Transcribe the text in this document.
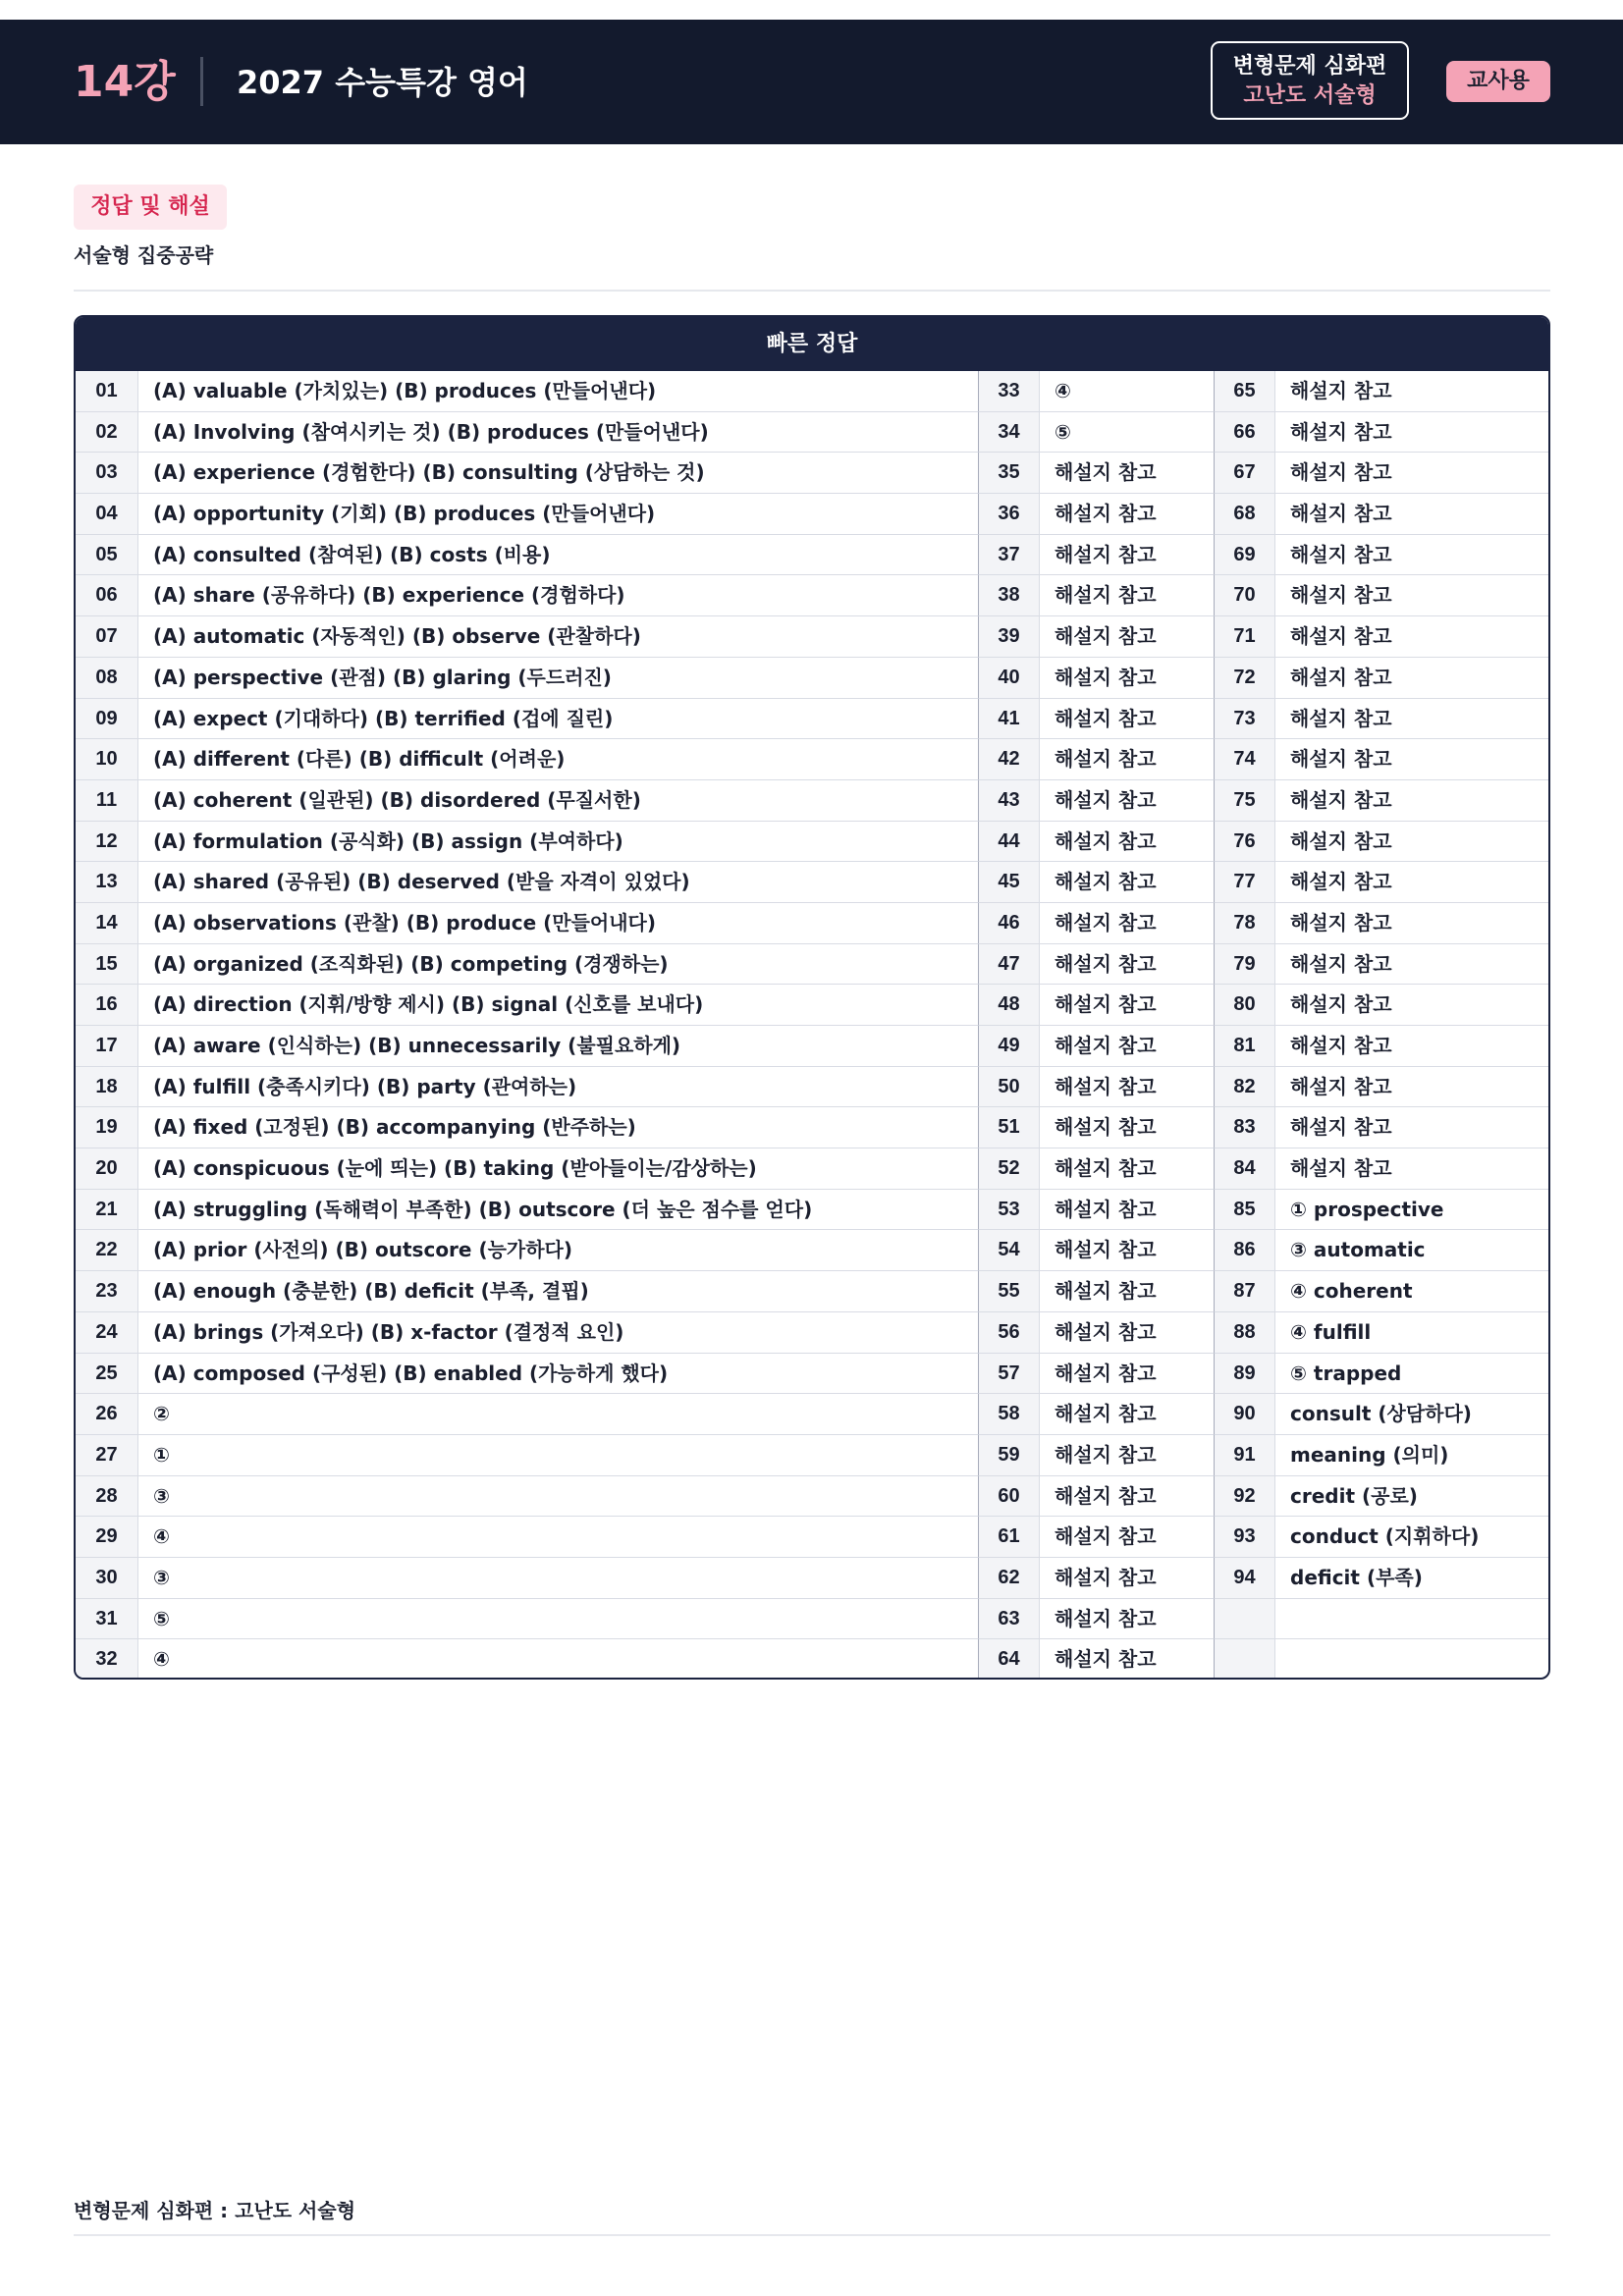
14강 2027 수능특강 영어	변형문제 심화편
고난도 서술형
교사용
정답 및 해설
서술형 집중공략
빠른 정답
01	(A) valuable (가치있는) (B) produces (만들어낸다)	33	④	65	해설지 참고
02	(A) Involving (참여시키는 것) (B) produces (만들어낸다)	34	⑤	66	해설지 참고
03	(A) experience (경험한다) (B) consulting (상담하는 것)	35	해설지 참고	67	해설지 참고
04	(A) opportunity (기회) (B) produces (만들어낸다)	36	해설지 참고	68	해설지 참고
05	(A) consulted (참여된) (B) costs (비용)	37	해설지 참고	69	해설지 참고
06	(A) share (공유하다) (B) experience (경험하다)	38	해설지 참고	70	해설지 참고
07	(A) automatic (자동적인) (B) observe (관찰하다)	39	해설지 참고	71	해설지 참고
08	(A) perspective (관점) (B) glaring (두드러진)	40	해설지 참고	72	해설지 참고
09	(A) expect (기대하다) (B) terrified (겁에 질린)	41	해설지 참고	73	해설지 참고
10	(A) different (다른) (B) difficult (어려운)	42	해설지 참고	74	해설지 참고
11	(A) coherent (일관된) (B) disordered (무질서한)	43	해설지 참고	75	해설지 참고
12	(A) formulation (공식화) (B) assign (부여하다)	44	해설지 참고	76	해설지 참고
13	(A) shared (공유된) (B) deserved (받을 자격이 있었다)	45	해설지 참고	77	해설지 참고
14	(A) observations (관찰) (B) produce (만들어내다)	46	해설지 참고	78	해설지 참고
15	(A) organized (조직화된) (B) competing (경쟁하는)	47	해설지 참고	79	해설지 참고
16	(A) direction (지휘/방향 제시) (B) signal (신호를 보내다)	48	해설지 참고	80	해설지 참고
17	(A) aware (인식하는) (B) unnecessarily (불필요하게)	49	해설지 참고	81	해설지 참고
18	(A) fulfill (충족시키다) (B) party (관여하는)	50	해설지 참고	82	해설지 참고
19	(A) fixed (고정된) (B) accompanying (반주하는)	51	해설지 참고	83	해설지 참고
20	(A) conspicuous (눈에 띄는) (B) taking (받아들이는/감상하는)	52	해설지 참고	84	해설지 참고
21	(A) struggling (독해력이 부족한) (B) outscore (더 높은 점수를 얻다)	53	해설지 참고	85	① prospective
22	(A) prior (사전의) (B) outscore (능가하다)	54	해설지 참고	86	③ automatic
23	(A) enough (충분한) (B) deficit (부족, 결핍)	55	해설지 참고	87	④ coherent
24	(A) brings (가져오다) (B) x-factor (결정적 요인)	56	해설지 참고	88	④ fulfill
25	(A) composed (구성된) (B) enabled (가능하게 했다)	57	해설지 참고	89	⑤ trapped
26	②	58	해설지 참고	90	consult (상담하다)
27	①	59	해설지 참고	91	meaning (의미)
28	③	60	해설지 참고	92	credit (공로)
29	④	61	해설지 참고	93	conduct (지휘하다)
30	③	62	해설지 참고	94	deficit (부족)
31	⑤	63	해설지 참고
32	④	64	해설지 참고
변형문제 심화편 : 고난도 서술형
